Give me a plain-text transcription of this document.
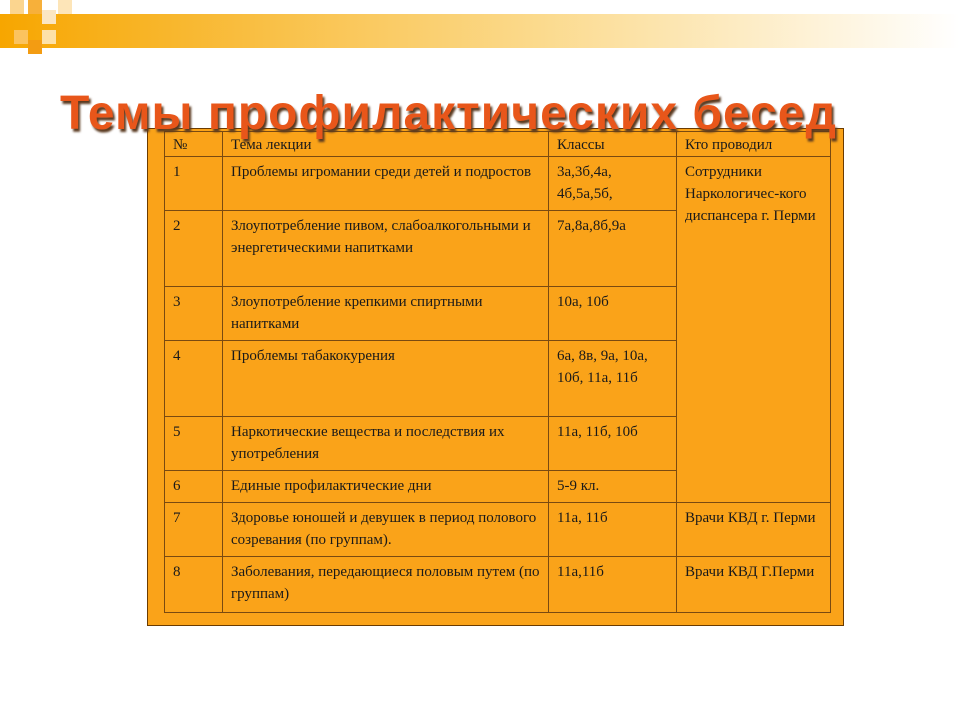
№	Тема лекции	Классы	Кто проводил
1	Проблемы игромании среди детей и подростов	3а,3б,4а, 4б,5а,5б,	Сотрудники Наркологичес-кого диспансера г. Перми
2	Злоупотребление пивом, слабоалкогольными и энергетическими напитками	7а,8а,8б,9а	
3	Злоупотребление крепкими спиртными напитками	10а, 10б	
4	Проблемы табакокурения	6а, 8в, 9а, 10а, 10б, 11а, 11б	
5	Наркотические вещества и последствия их употребления	11а, 11б, 10б	
6	Единые профилактические дни	5-9 кл.	
7	Здоровье юношей и девушек в период полового созревания (по группам).	11а, 11б	Врачи КВД г. Перми
8	Заболевания, передающиеся половым путем (по группам)	11а,11б	Врачи КВД Г.Перми
Темы профилактических бесед
